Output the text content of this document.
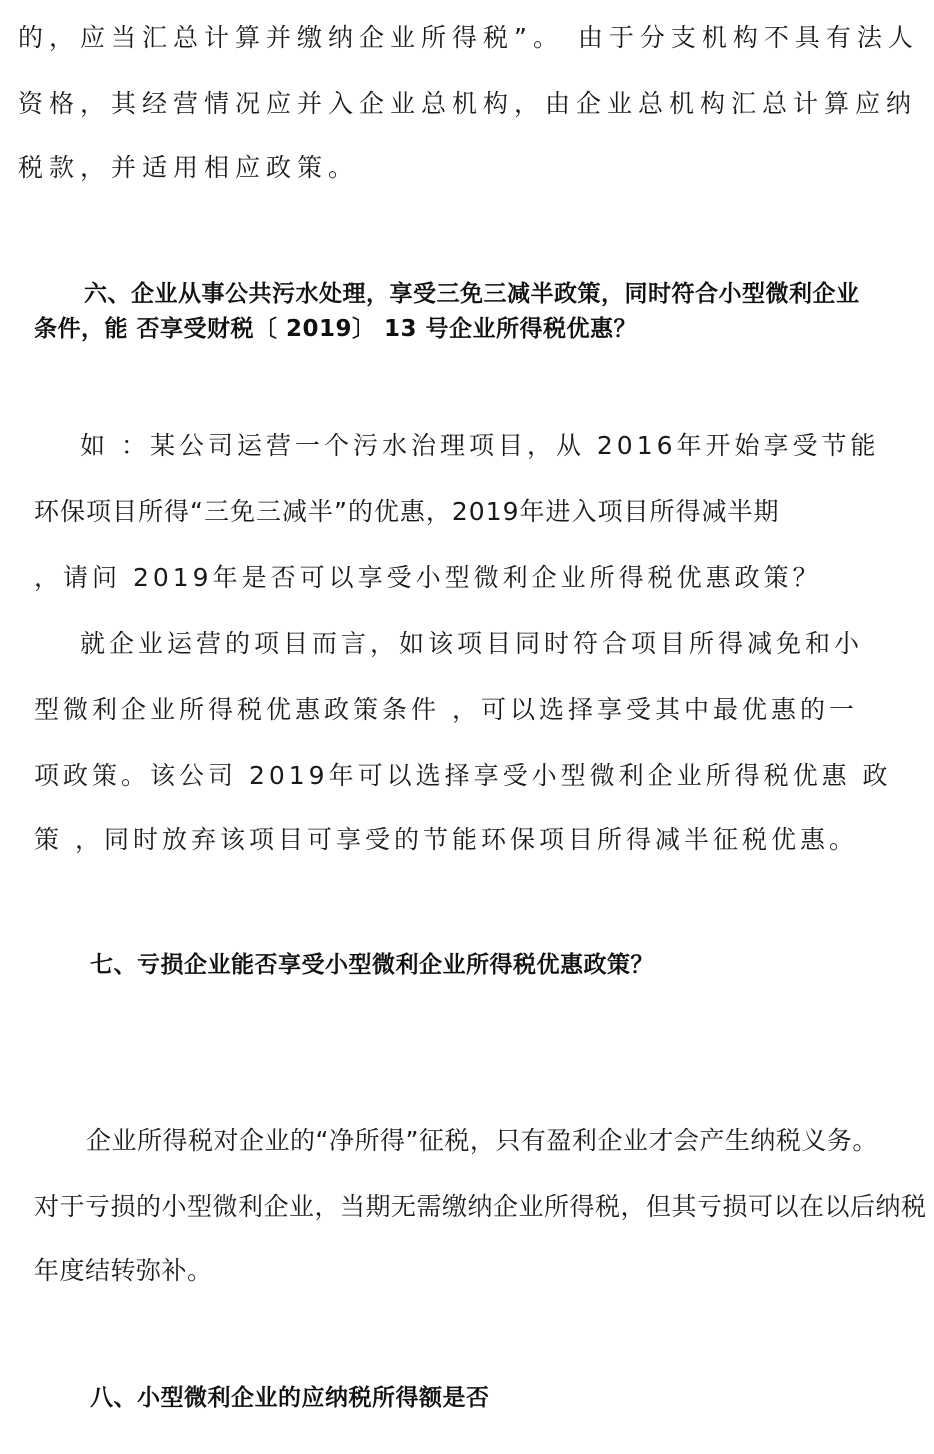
的，应当汇总计算并缴纳企业所得税”。 由于分支机构不具有法人

资格，其经营情况应并入企业总机构，由企业总机构汇总计算应纳

税款，并适用相应政策。

六、企业从事公共污水处理，享受三免三减半政策，同时符合小型微利企业

条件，能 否享受财税〔 2019〕 13 号企业所得税优惠？

如 ：某公司运营一个污水治理项目，从 2016年开始享受节能

环保项目所得“三免三减半”的优惠，2019年进入项目所得减半期

，请问 2019年是否可以享受小型微利企业所得税优惠政策？

就企业运营的项目而言，如该项目同时符合项目所得减免和小

型微利企业所得税优惠政策条件 ，可以选择享受其中最优惠的一

项政策。该公司 2019年可以选择享受小型微利企业所得税优惠 政

策 ，同时放弃该项目可享受的节能环保项目所得减半征税优惠。

七、亏损企业能否享受小型微利企业所得税优惠政策？

企业所得税对企业的“净所得”征税，只有盈利企业才会产生纳税义务。

对于亏损的小型微利企业，当期无需缴纳企业所得税，但其亏损可以在以后纳税

年度结转弥补。

八、小型微利企业的应纳税所得额是否
